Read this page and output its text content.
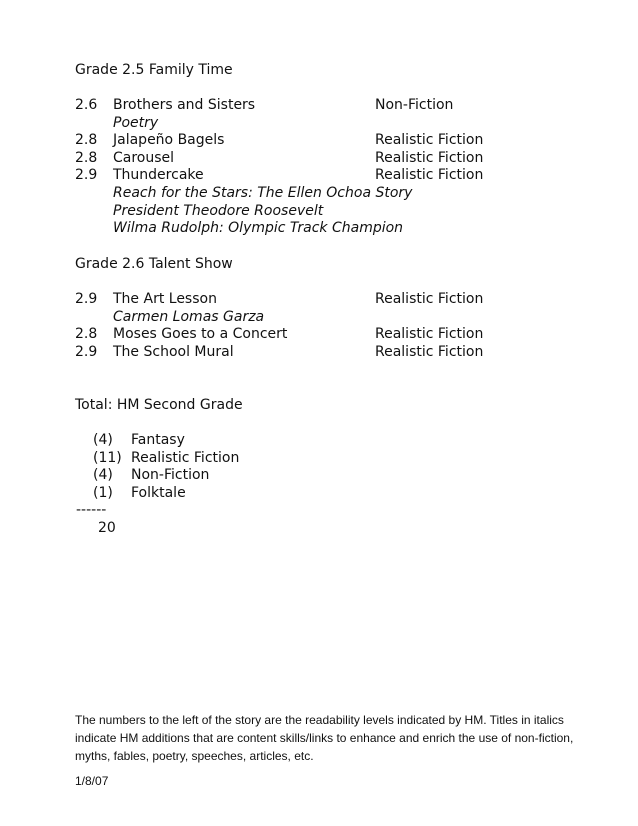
Grade 2.5 Family Time
2.6 Brothers and Sisters	Non-Fiction
Poetry
2.8 Jalapeño Bagels	Realistic Fiction
2.8 Carousel	Realistic Fiction
2.9 Thundercake	Realistic Fiction
Reach for the Stars: The Ellen Ochoa Story
President Theodore Roosevelt
Wilma Rudolph: Olympic Track Champion
Grade 2.6 Talent Show
2.9 The Art Lesson	Realistic Fiction
Carmen Lomas Garza
2.8 Moses Goes to a Concert	Realistic Fiction
2.9 The School Mural	Realistic Fiction
Total: HM Second Grade
(4) Fantasy
(11) Realistic Fiction
(4) Non-Fiction
(1) Folktale
------
20
The numbers to the left of the story are the readability levels indicated by HM. Titles in italics indicate HM additions that are content skills/links to enhance and enrich the use of non-fiction, myths, fables, poetry, speeches, articles, etc.
1/8/07
